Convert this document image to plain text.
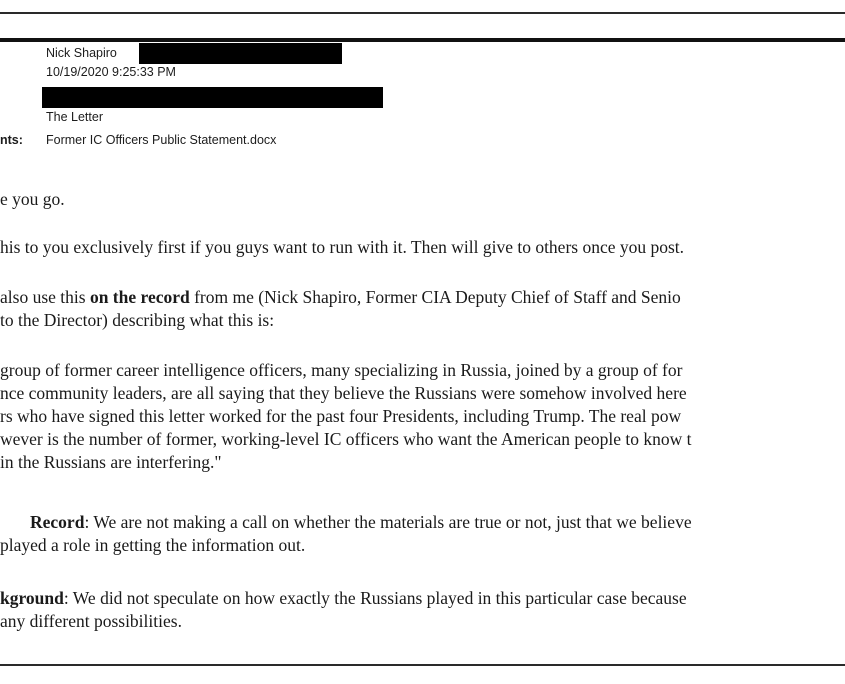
Nick Shapiro
10/19/2020 9:25:33 PM
The Letter
nts: Former IC Officers Public Statement.docx
e you go.
his to you exclusively first if you guys want to run with it. Then will give to others once you post.
also use this on the record from me (Nick Shapiro, Former CIA Deputy Chief of Staff and Senio
to the Director) describing what this is:
group of former career intelligence officers, many specializing in Russia, joined by a group of for
nce community leaders, are all saying that they believe the Russians were somehow involved here
rs who have signed this letter worked for the past four Presidents, including Trump. The real pow
wever is the number of former, working-level IC officers who want the American people to know t
in the Russians are interfering."
Record: We are not making a call on whether the materials are true or not, just that we believe
played a role in getting the information out.
kground: We did not speculate on how exactly the Russians played in this particular case because
any different possibilities.
